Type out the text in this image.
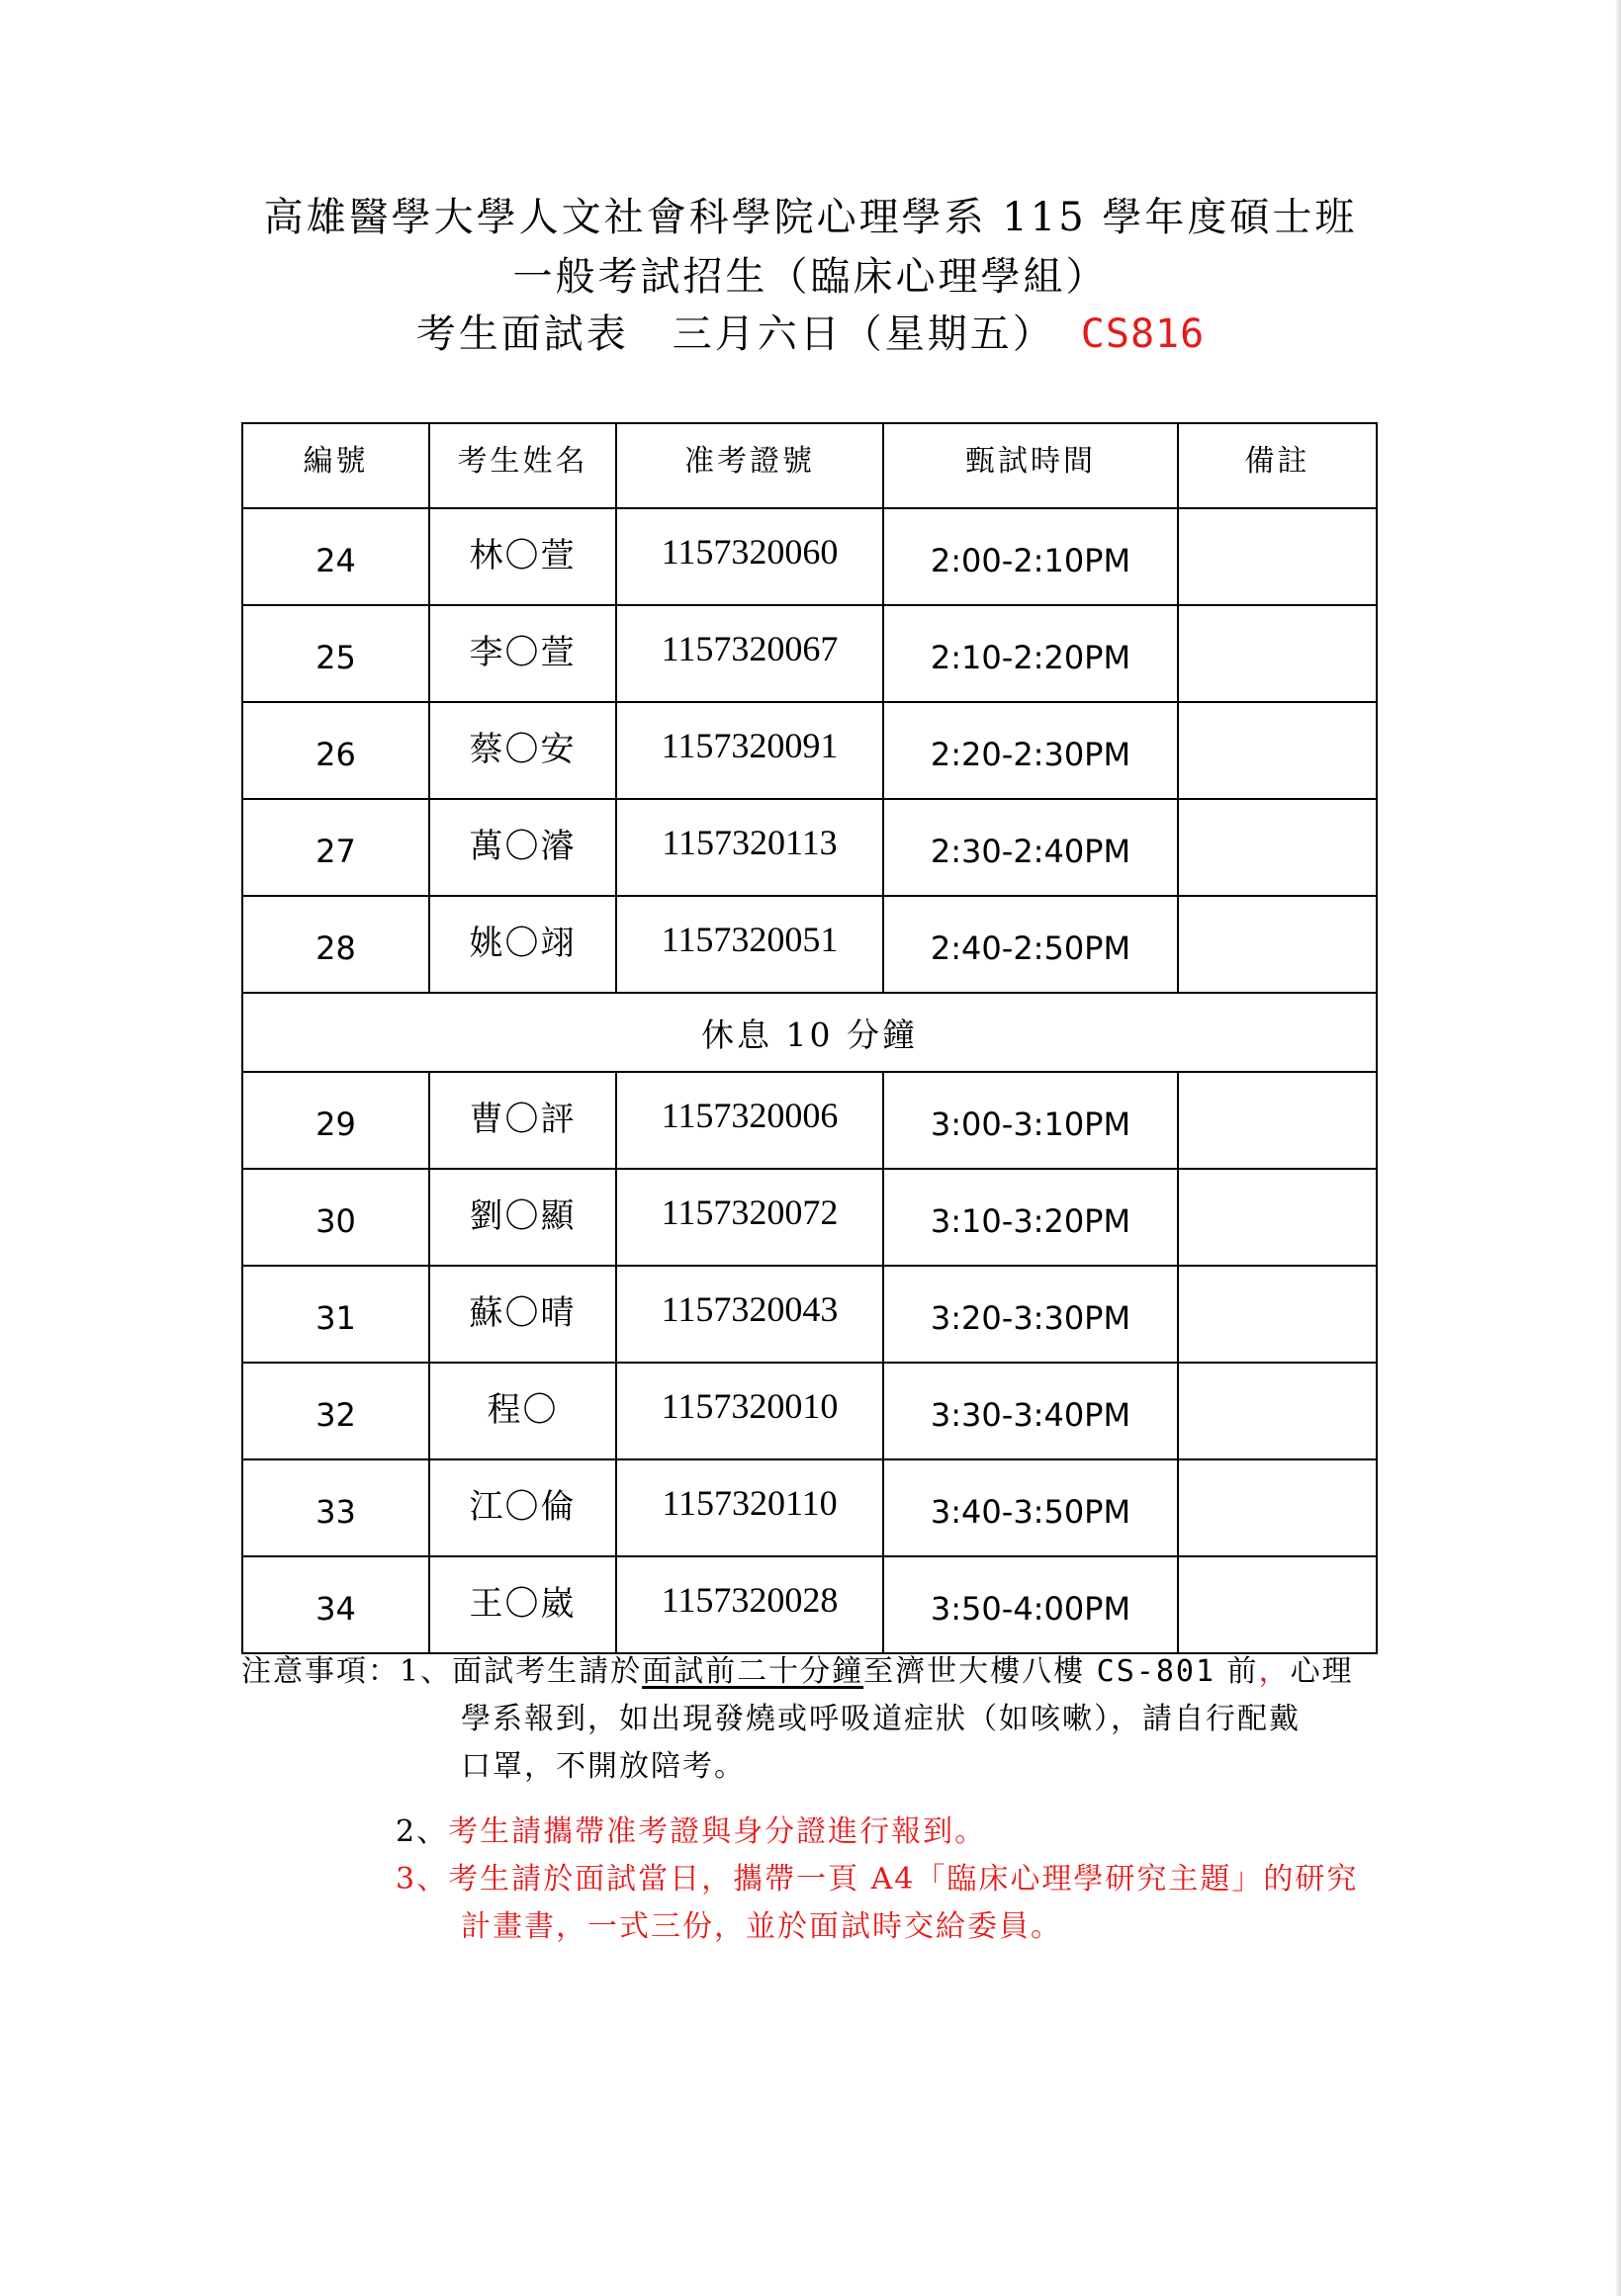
高雄醫學大學人文社會科學院心理學系 115 學年度碩士班
一般考試招生（臨床心理學組）
考生面試表 三月六日（星期五） CS816
編號	考生姓名	准考證號	甄試時間	備註
24	林〇萱	1157320060	2:00-2:10PM	
25	李〇萱	1157320067	2:10-2:20PM	
26	蔡〇安	1157320091	2:20-2:30PM	
27	萬〇濬	1157320113	2:30-2:40PM	
28	姚〇翊	1157320051	2:40-2:50PM	
休息 10 分鐘				
29	曹〇評	1157320006	3:00-3:10PM	
30	劉〇顯	1157320072	3:10-3:20PM	
31	蘇〇晴	1157320043	3:20-3:30PM	
32	程〇	1157320010	3:30-3:40PM	
33	江〇倫	1157320110	3:40-3:50PM	
34	王〇崴	1157320028	3:50-4:00PM	
注意事項：1、面試考生請於面試前二十分鐘至濟世大樓八樓 CS-801 前，心理
學系報到，如出現發燒或呼吸道症狀（如咳嗽），請自行配戴
口罩，不開放陪考。
2、考生請攜帶准考證與身分證進行報到。
3、考生請於面試當日，攜帶一頁 A4「臨床心理學研究主題」的研究
計畫書，一式三份，並於面試時交給委員。
